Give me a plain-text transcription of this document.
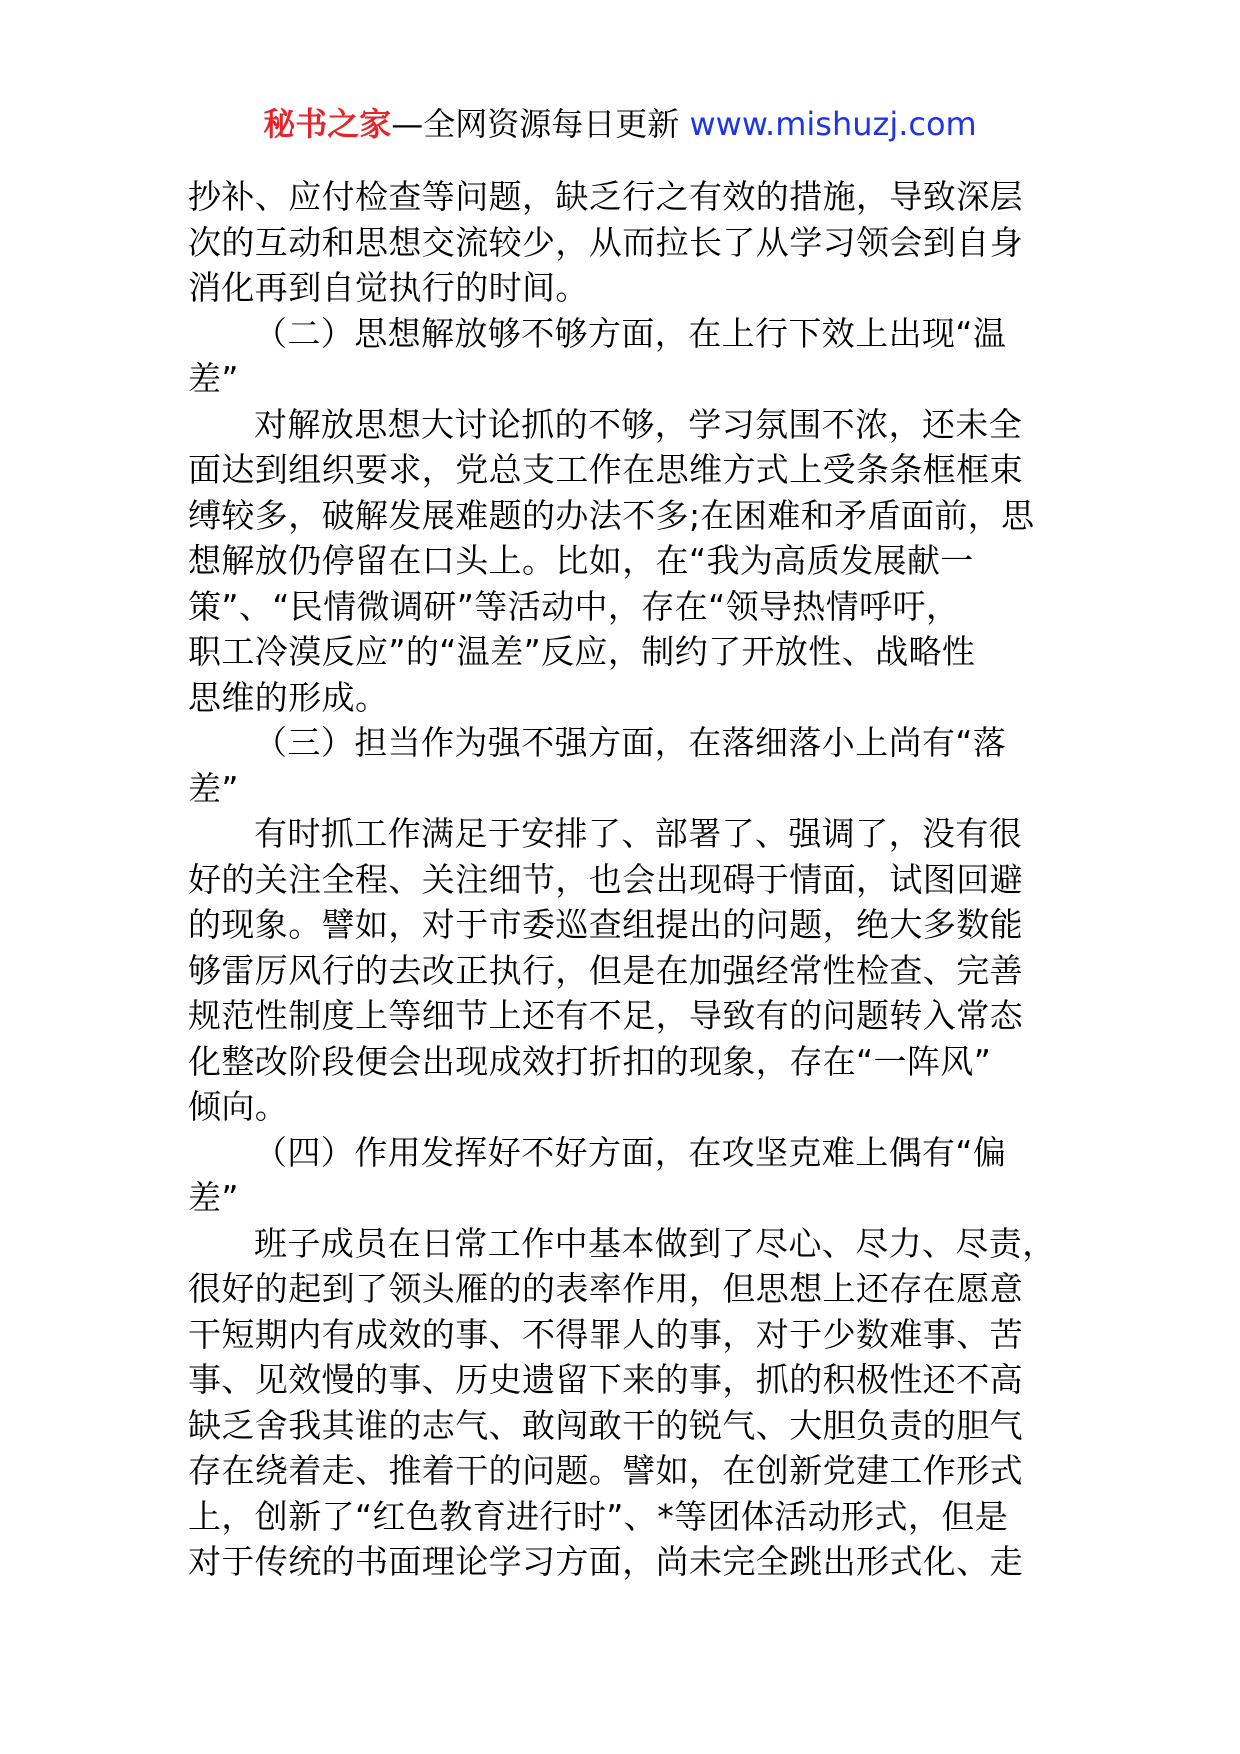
秘书之家—全网资源每日更新 www.mishuzj.com
抄补、应付检查等问题，缺乏行之有效的措施，导致深层
次的互动和思想交流较少，从而拉长了从学习领会到自身
消化再到自觉执行的时间。
（二）思想解放够不够方面，在上行下效上出现“温
差”
对解放思想大讨论抓的不够，学习氛围不浓，还未全
面达到组织要求，党总支工作在思维方式上受条条框框束
缚较多，破解发展难题的办法不多;在困难和矛盾面前，思
想解放仍停留在口头上。比如，在“我为高质发展献一
策”、“民情微调研”等活动中，存在“领导热情呼吁，
职工冷漠反应”的“温差”反应，制约了开放性、战略性
思维的形成。
（三）担当作为强不强方面，在落细落小上尚有“落
差”
有时抓工作满足于安排了、部署了、强调了，没有很
好的关注全程、关注细节，也会出现碍于情面，试图回避
的现象。譬如，对于市委巡查组提出的问题，绝大多数能
够雷厉风行的去改正执行，但是在加强经常性检查、完善
规范性制度上等细节上还有不足，导致有的问题转入常态
化整改阶段便会出现成效打折扣的现象，存在“一阵风”
倾向。
（四）作用发挥好不好方面，在攻坚克难上偶有“偏
差”
班子成员在日常工作中基本做到了尽心、尽力、尽责，
很好的起到了领头雁的的表率作用，但思想上还存在愿意
干短期内有成效的事、不得罪人的事，对于少数难事、苦
事、见效慢的事、历史遗留下来的事，抓的积极性还不高
缺乏舍我其谁的志气、敢闯敢干的锐气、大胆负责的胆气
存在绕着走、推着干的问题。譬如，在创新党建工作形式
上，创新了“红色教育进行时”、*等团体活动形式，但是
对于传统的书面理论学习方面，尚未完全跳出形式化、走
